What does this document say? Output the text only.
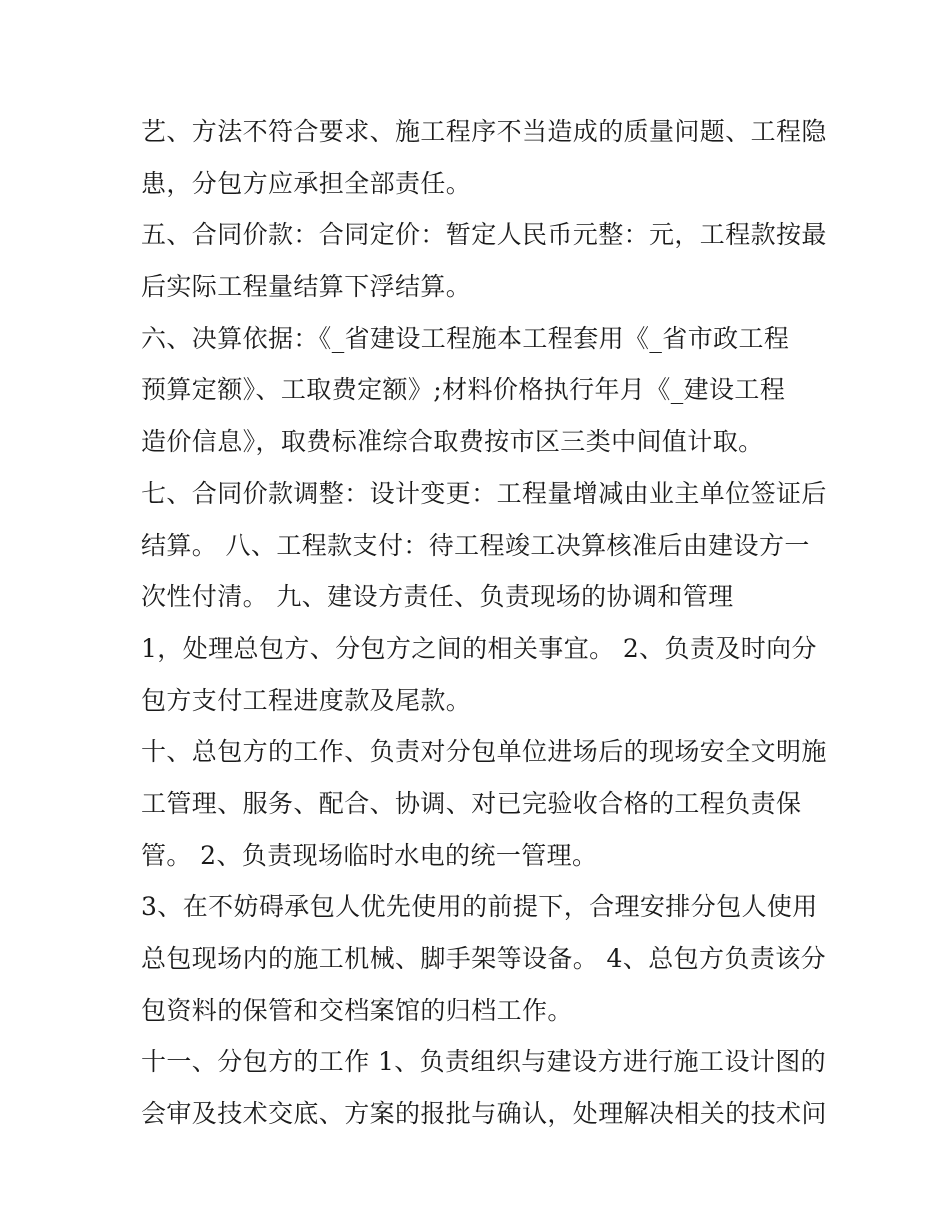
艺、方法不符合要求、施工程序不当造成的质量问题、工程隐
患，分包方应承担全部责任。
五、合同价款：合同定价：暂定人民币元整：元，工程款按最
后实际工程量结算下浮结算。
六、决算依据：《_省建设工程施本工程套用《_省市政工程
预算定额》、工取费定额》;材料价格执行年月《_建设工程
造价信息》，取费标准综合取费按市区三类中间值计取。
七、合同价款调整：设计变更：工程量增减由业主单位签证后
结算。 八、工程款支付：待工程竣工决算核准后由建设方一
次性付清。 九、建设方责任、负责现场的协调和管理
1，处理总包方、分包方之间的相关事宜。 2、负责及时向分
包方支付工程进度款及尾款。
十、总包方的工作、负责对分包单位进场后的现场安全文明施
工管理、服务、配合、协调、对已完验收合格的工程负责保
管。 2、负责现场临时水电的统一管理。
3、在不妨碍承包人优先使用的前提下，合理安排分包人使用
总包现场内的施工机械、脚手架等设备。 4、总包方负责该分
包资料的保管和交档案馆的归档工作。
十一、分包方的工作 1、负责组织与建设方进行施工设计图的
会审及技术交底、方案的报批与确认，处理解决相关的技术问
